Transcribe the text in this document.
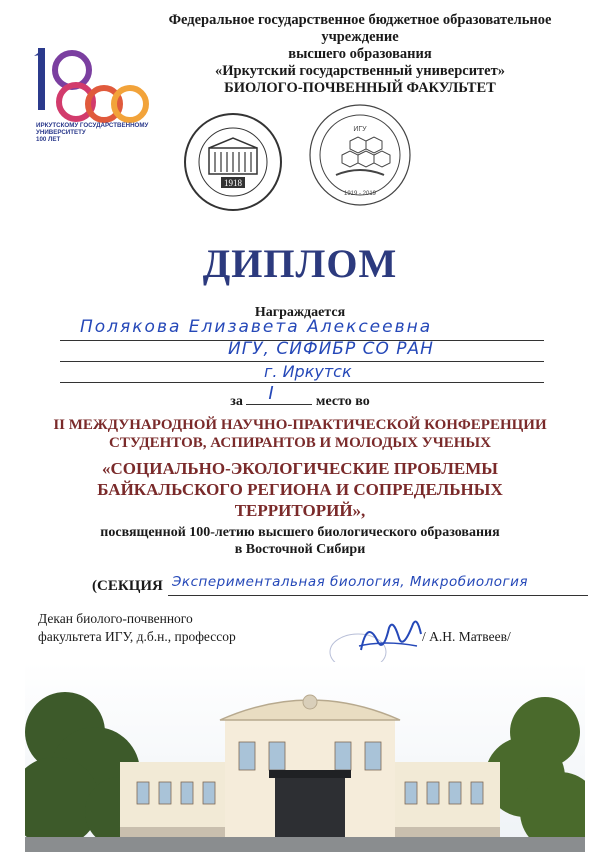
Федеральное государственное бюджетное образовательное учреждение
высшего образования
«Иркутский государственный университет»
БИОЛОГО-ПОЧВЕННЫЙ ФАКУЛЬТЕТ
ИРКУТСКОМУ ГОСУДАРСТВЕННОМУ
УНИВЕРСИТЕТУ
100 ЛЕТ
1918
ИГУ
1919 - 2019
ДИПЛОМ
Награждается
Полякова Елизавета Алексеевна
ИГУ, СИФИБР СО РАН
г. Иркутск
за I	место во
II МЕЖДУНАРОДНОЙ НАУЧНО-ПРАКТИЧЕСКОЙ КОНФЕРЕНЦИИ
СТУДЕНТОВ, АСПИРАНТОВ И МОЛОДЫХ УЧЕНЫХ
«СОЦИАЛЬНО-ЭКОЛОГИЧЕСКИЕ ПРОБЛЕМЫ
БАЙКАЛЬСКОГО РЕГИОНА И СОПРЕДЕЛЬНЫХ
ТЕРРИТОРИЙ»,
посвященной 100-летию высшего биологического образования
в Восточной Сибири
(СЕКЦИЯ Экспериментальная биология, Микробиология
Декан биолого-почвенного
факультета ИГУ, д.б.н., профессор	/ А.Н. Матвеев/
